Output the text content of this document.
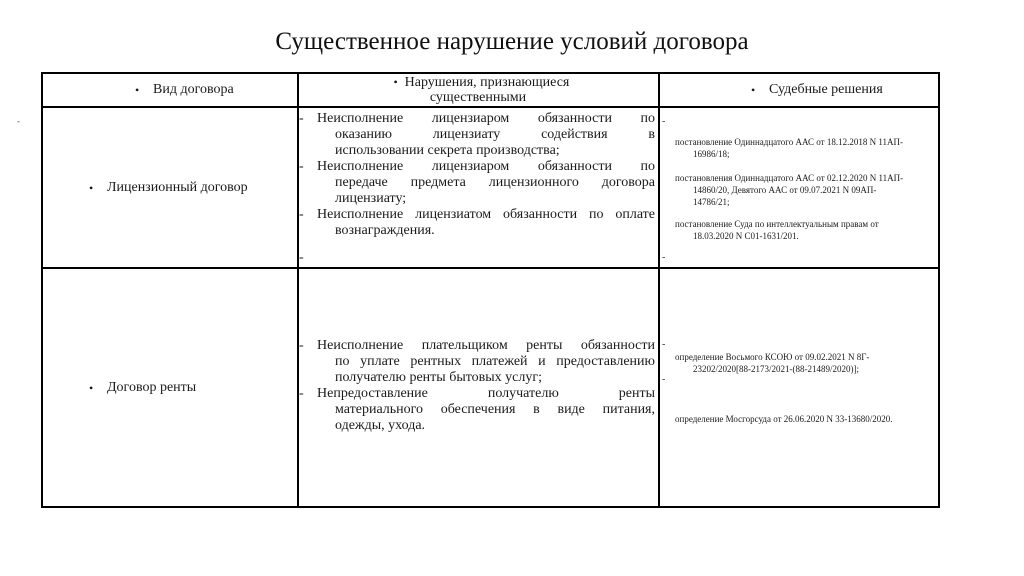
Существенное нарушение условий договора
-
• Вид договора	• Нарушения, признающиеся
существенными
• Судебные решения
• Лицензионный договор
- Неисполнение лицензиаром обязанности по
оказанию лицензиату содействия в
использовании секрета производства;
- Неисполнение лицензиаром обязанности по
передаче предмета лицензионного договора
лицензиату;
- Неисполнение лицензиатом обязанности по оплате
вознаграждения.
-
постановление Одиннадцатого ААС от 18.12.2018 N 11АП-
16986/18;
постановления Одиннадцатого ААС от 02.12.2020 N 11АП-
14860/20, Девятого ААС от 09.07.2021 N 09АП-
14786/21;
постановление Суда по интеллектуальным правам от
18.03.2020 N С01-1631/201.
-
-
• Договор ренты
- Неисполнение плательщиком ренты обязанности
по уплате рентных платежей и предоставлению
получателю ренты бытовых услуг;
- Непредоставление получателю ренты
материального обеспечения в виде питания,
одежды, ухода.
определение Восьмого КСОЮ от 09.02.2021 N 8Г-
23202/2020[88-2173/2021-(88-21489/2020)];
определение Мосгорсуда от 26.06.2020 N 33-13680/2020.
-
-
